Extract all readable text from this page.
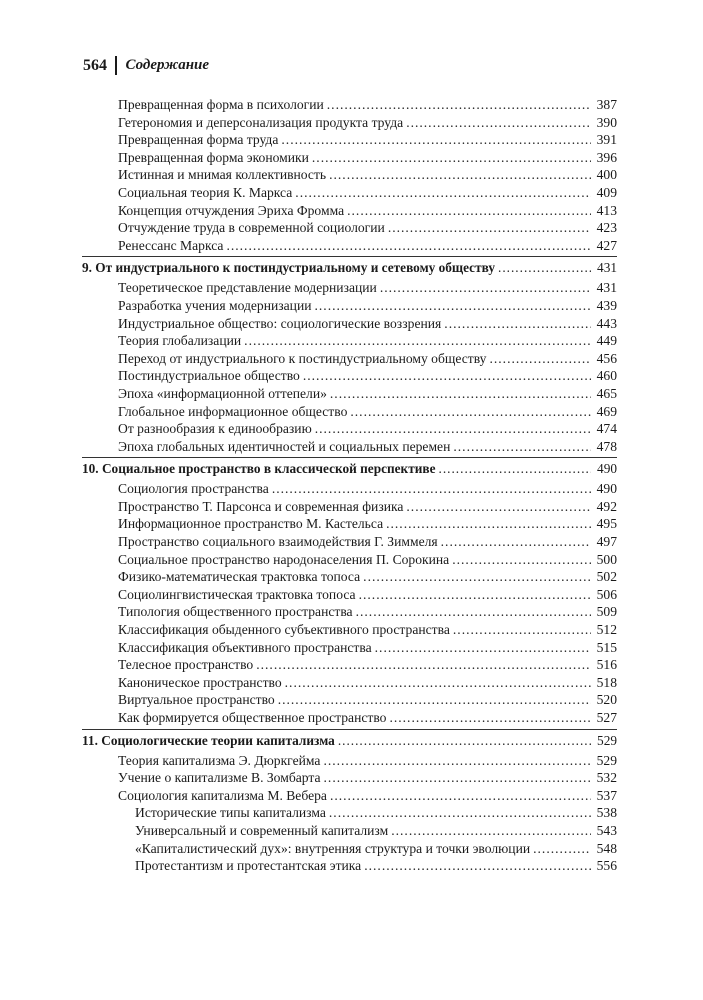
564 Содержание
Превращенная форма в психологии .....	387
Гетерономия и деперсонализация продукта труда .....	390
Превращенная форма труда .....	391
Превращенная форма экономики .....	396
Истинная и мнимая коллективность .....	400
Социальная теория К. Маркса .....	409
Концепция отчуждения Эриха Фромма .....	413
Отчуждение труда в современной социологии .....	423
Ренессанс Маркса .....	427
9. От индустриального к постиндустриальному и сетевому обществу .....	431
Теоретическое представление модернизации .....	431
Разработка учения модернизации .....	439
Индустриальное общество: социологические воззрения .....	443
Теория глобализации .....	449
Переход от индустриального к постиндустриальному обществу .....	456
Постиндустриальное общество .....	460
Эпоха «информационной оттепели» .....	465
Глобальное информационное общество .....	469
От разнообразия к единообразию .....	474
Эпоха глобальных идентичностей и социальных перемен .....	478
10. Социальное пространство в классической перспективе .....	490
Социология пространства .....	490
Пространство Т. Парсонса и современная физика .....	492
Информационное пространство М. Кастельса .....	495
Пространство социального взаимодействия Г. Зиммеля .....	497
Социальное пространство народонаселения П. Сорокина .....	500
Физико-математическая трактовка топоса .....	502
Социолингвистическая трактовка топоса .....	506
Типология общественного пространства .....	509
Классификация обыденного субъективного пространства .....	512
Классификация объективного пространства .....	515
Телесное пространство .....	516
Каноническое пространство .....	518
Виртуальное пространство .....	520
Как формируется общественное пространство .....	527
11. Социологические теории капитализма .....	529
Теория капитализма Э. Дюркгейма .....	529
Учение о капитализме В. Зомбарта .....	532
Социология капитализма М. Вебера .....	537
Исторические типы капитализма .....	538
Универсальный и современный капитализм .....	543
«Капиталистический дух»: внутренняя структура и точки эволюции .....	548
Протестантизм и протестантская этика .....	556
